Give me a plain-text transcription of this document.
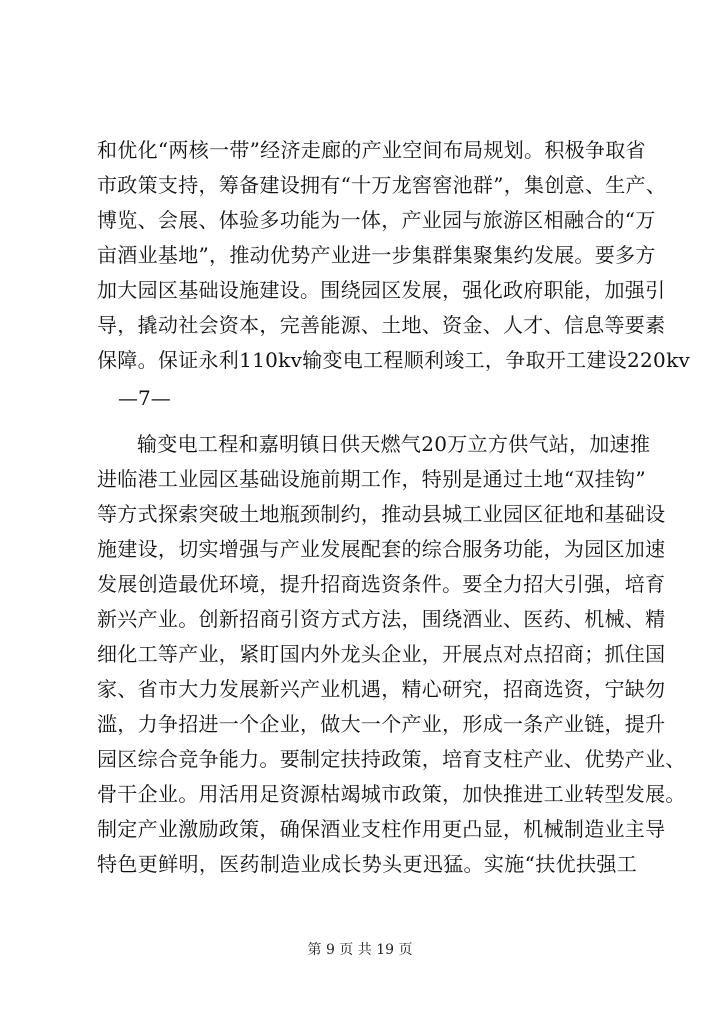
和优化“两核一带”经济走廊的产业空间布局规划。积极争取省
市政策支持，筹备建设拥有“十万龙窖窖池群”，集创意、生产、
博览、会展、体验多功能为一体，产业园与旅游区相融合的“万
亩酒业基地”，推动优势产业进一步集群集聚集约发展。要多方
加大园区基础设施建设。围绕园区发展，强化政府职能，加强引
导，撬动社会资本，完善能源、土地、资金、人才、信息等要素
保障。保证永利110kv输变电工程顺利竣工，争取开工建设220kv
—7—
输变电工程和嘉明镇日供天燃气20万立方供气站，加速推
进临港工业园区基础设施前期工作，特别是通过土地“双挂钩”
等方式探索突破土地瓶颈制约，推动县城工业园区征地和基础设
施建设，切实增强与产业发展配套的综合服务功能，为园区加速
发展创造最优环境，提升招商选资条件。要全力招大引强，培育
新兴产业。创新招商引资方式方法，围绕酒业、医药、机械、精
细化工等产业，紧盯国内外龙头企业，开展点对点招商；抓住国
家、省市大力发展新兴产业机遇，精心研究，招商选资，宁缺勿
滥，力争招进一个企业，做大一个产业，形成一条产业链，提升
园区综合竞争能力。要制定扶持政策，培育支柱产业、优势产业、
骨干企业。用活用足资源枯竭城市政策，加快推进工业转型发展。
制定产业激励政策，确保酒业支柱作用更凸显，机械制造业主导
特色更鲜明，医药制造业成长势头更迅猛。实施“扶优扶强工
第 9 页 共 19 页
